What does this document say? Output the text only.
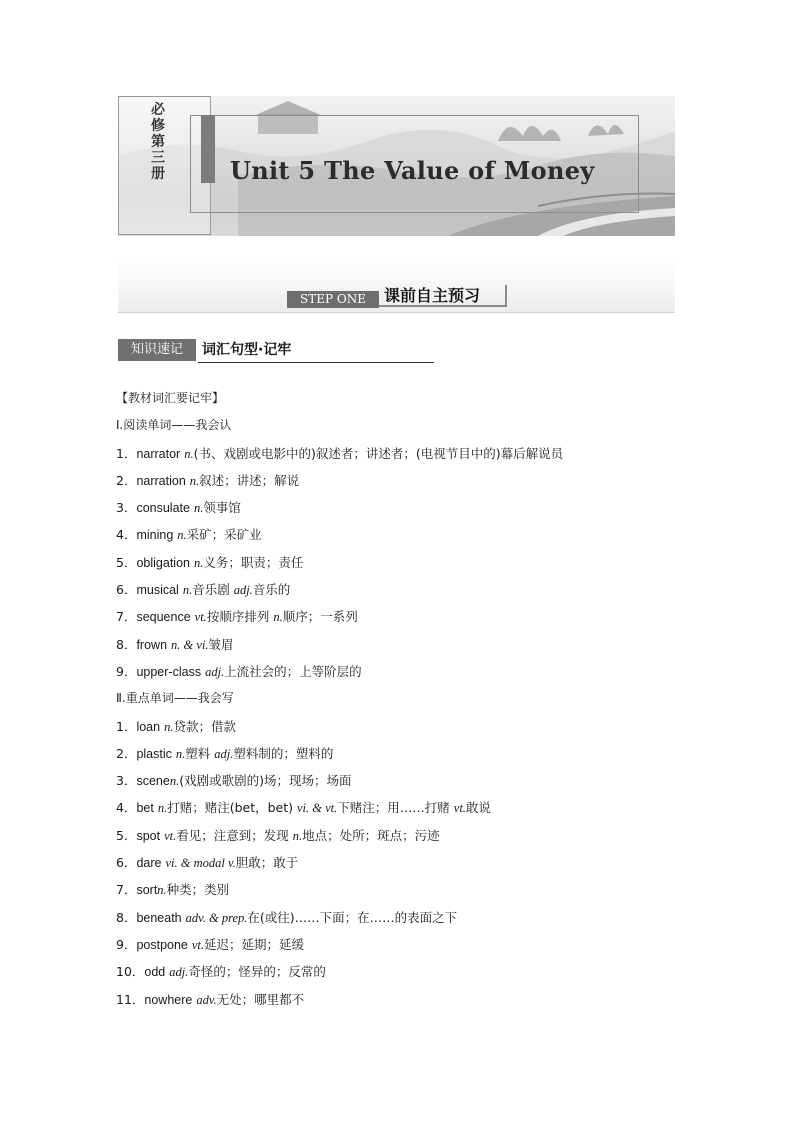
必修第三册	Unit 5 The Value of Money
STEP ONE	课前自主预习
知识速记	词汇句型·记牢
【教材词汇要记牢】
Ⅰ.阅读单词——我会认
1．narrator n.(书、戏剧或电影中的)叙述者；讲述者；(电视节目中的)幕后解说员
2．narration n.叙述；讲述；解说
3．consulate n.领事馆
4．mining n.采矿；采矿业
5．obligation n.义务；职责；责任
6．musical n.音乐剧 adj.音乐的
7．sequence vt.按顺序排列 n.顺序；一系列
8．frown n. & vi.皱眉
9．upper-class adj.上流社会的；上等阶层的
Ⅱ.重点单词——我会写
1．loan n.贷款；借款
2．plastic n.塑料 adj.塑料制的；塑料的
3．scenen.(戏剧或歌剧的)场；现场；场面
4．bet n.打赌；赌注(bet，bet) vi. & vt.下赌注；用……打赌 vt.敢说
5．spot vt.看见；注意到；发现 n.地点；处所；斑点；污迹
6．dare vi. & modal v.胆敢；敢于
7．sortn.种类；类别
8．beneath adv. & prep.在(或往)……下面；在……的表面之下
9．postpone vt.延迟；延期；延缓
10．odd adj.奇怪的；怪异的；反常的
11．nowhere adv.无处；哪里都不
